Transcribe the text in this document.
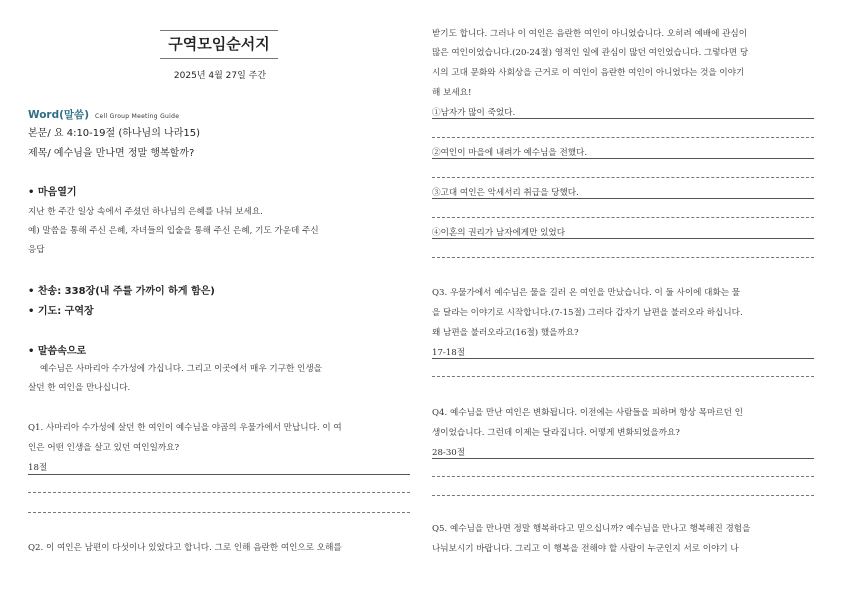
구역모임순서지
2025년 4월 27일 주간
Word(말씀) Cell Group Meeting Guide
본문/ 요 4:10-19절 (하나님의 나라15)
제목/ 예수님을 만나면 정말 행복할까?
• 마음열기
지난 한 주간 일상 속에서 주셨던 하나님의 은혜를 나눠 보세요.
예) 말씀을 통해 주신 은혜, 자녀들의 입술을 통해 주신 은혜, 기도 가운데 주신
응답
• 찬송: 338장(내 주를 가까이 하게 함은)
• 기도: 구역장
• 말씀속으로
예수님은 사마리아 수가성에 가십니다. 그리고 이곳에서 매우 기구한 인생을
살던 한 여인을 만나십니다.
Q1. 사마리아 수가성에 살던 한 여인이 예수님을 야곱의 우물가에서 만납니다. 이 여
인은 어떤 인생을 살고 있던 여인일까요?
18절
Q2. 이 여인은 남편이 다섯이나 있었다고 합니다. 그로 인해 음란한 여인으로 오해를
받기도 합니다. 그러나 이 여인은 음란한 여인이 아니었습니다. 오히려 예배에 관심이
많은 여인이었습니다.(20-24절) 영적인 일에 관심이 많던 여인었습니다. 그렇다면 당
시의 고대 문화와 사회상을 근거로 이 여인이 음란한 여인이 아니었다는 것을 이야기
해 보세요!
①남자가 많이 죽었다.
②여인이 마을에 내려가 예수님을 전했다.
③고대 여인은 악세서리 취급을 당했다.
④이혼의 권리가 남자에게만 있었다
Q3. 우물가에서 예수님은 물을 길러 온 여인을 만났습니다. 이 둘 사이에 대화는 물
을 달라는 이야기로 시작합니다.(7-15절) 그러다 갑자기 남편을 불러오라 하십니다.
왜 남편을 불러오라고(16절) 했을까요?
17-18절
Q4. 예수님을 만난 여인은 변화됩니다. 이전에는 사람들을 피하며 항상 목마르던 인
생이었습니다. 그런데 이제는 달라집니다. 어떻게 변화되었을까요?
28-30절
Q5. 예수님을 만나면 정말 행복하다고 믿으십니까? 예수님을 만나고 행복해진 경험을
나눠보시기 바랍니다. 그리고 이 행복을 전해야 할 사람이 누군인지 서로 이야기 나
